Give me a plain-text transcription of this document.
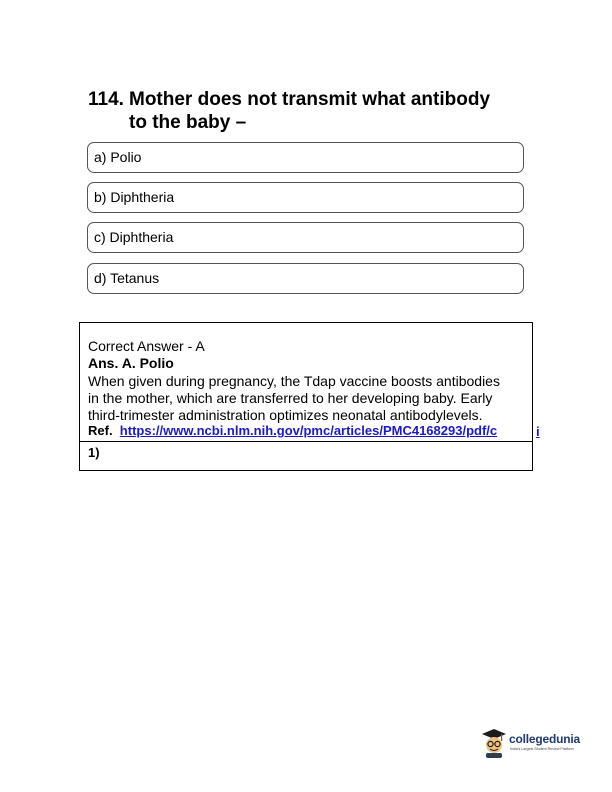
114. Mother does not transmit what antibody
to the baby –
a) Polio
b) Diphtheria
c) Diphtheria
d) Tetanus
Correct Answer - A
Ans. A. Polio
When given during pregnancy, the Tdap vaccine boosts antibodies
in the mother, which are transferred to her developing baby. Early
third-trimester administration optimizes neonatal antibodylevels.
Ref. https://www.ncbi.nlm.nih.gov/pmc/articles/PMC4168293/pdf/c
1)
i
collegedunia
India's Largest Student Review Platform
